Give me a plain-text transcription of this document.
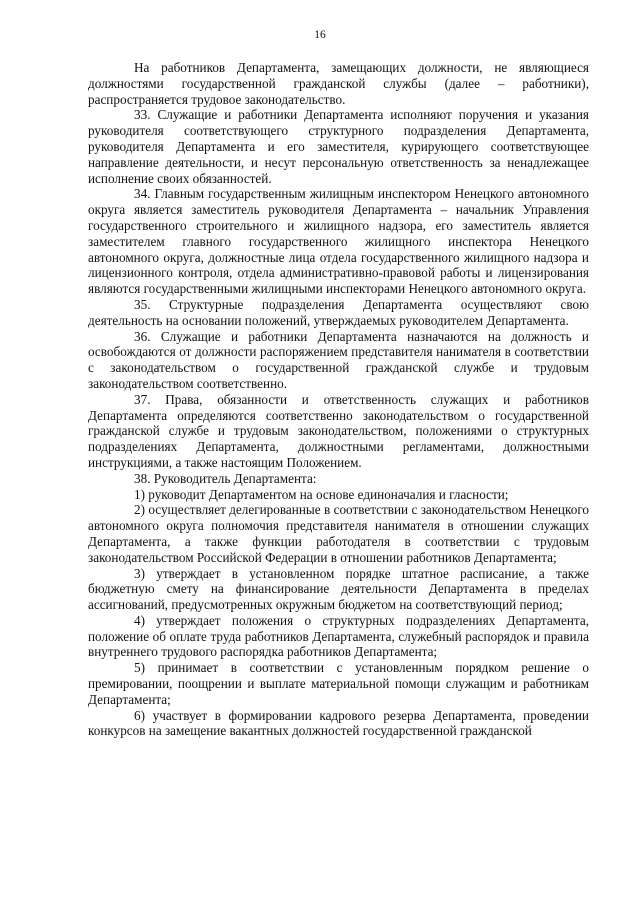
16

На работников Департамента, замещающих должности, не являющиеся должностями государственной гражданской службы (далее – работники), распространяется трудовое законодательство.

33. Служащие и работники Департамента исполняют поручения и указания руководителя соответствующего структурного подразделения Департамента, руководителя Департамента и его заместителя, курирующего соответствующее направление деятельности, и несут персональную ответственность за ненадлежащее исполнение своих обязанностей.

34. Главным государственным жилищным инспектором Ненецкого автономного округа является заместитель руководителя Департамента – начальник Управления государственного строительного и жилищного надзора, его заместитель является заместителем главного государственного жилищного инспектора Ненецкого автономного округа, должностные лица отдела государственного жилищного надзора и лицензионного контроля, отдела административно-правовой работы и лицензирования являются государственными жилищными инспекторами Ненецкого автономного округа.

35. Структурные подразделения Департамента осуществляют свою деятельность на основании положений, утверждаемых руководителем Департамента.

36. Служащие и работники Департамента назначаются на должность и освобождаются от должности распоряжением представителя нанимателя в соответствии с законодательством о государственной гражданской службе и трудовым законодательством соответственно.

37. Права, обязанности и ответственность служащих и работников Департамента определяются соответственно законодательством о государственной гражданской службе и трудовым законодательством, положениями о структурных подразделениях Департамента, должностными регламентами, должностными инструкциями, а также настоящим Положением.

38. Руководитель Департамента:

1) руководит Департаментом на основе единоначалия и гласности;

2) осуществляет делегированные в соответствии с законодательством Ненецкого автономного округа полномочия представителя нанимателя в отношении служащих Департамента, а также функции работодателя в соответствии с трудовым законодательством Российской Федерации в отношении работников Департамента;

3) утверждает в установленном порядке штатное расписание, а также бюджетную смету на финансирование деятельности Департамента в пределах ассигнований, предусмотренных окружным бюджетом на соответствующий период;

4) утверждает положения о структурных подразделениях Департамента, положение об оплате труда работников Департамента, служебный распорядок и правила внутреннего трудового распорядка работников Департамента;

5) принимает в соответствии с установленным порядком решение о премировании, поощрении и выплате материальной помощи служащим и работникам Департамента;

6) участвует в формировании кадрового резерва Департамента, проведении конкурсов на замещение вакантных должностей государственной гражданской
